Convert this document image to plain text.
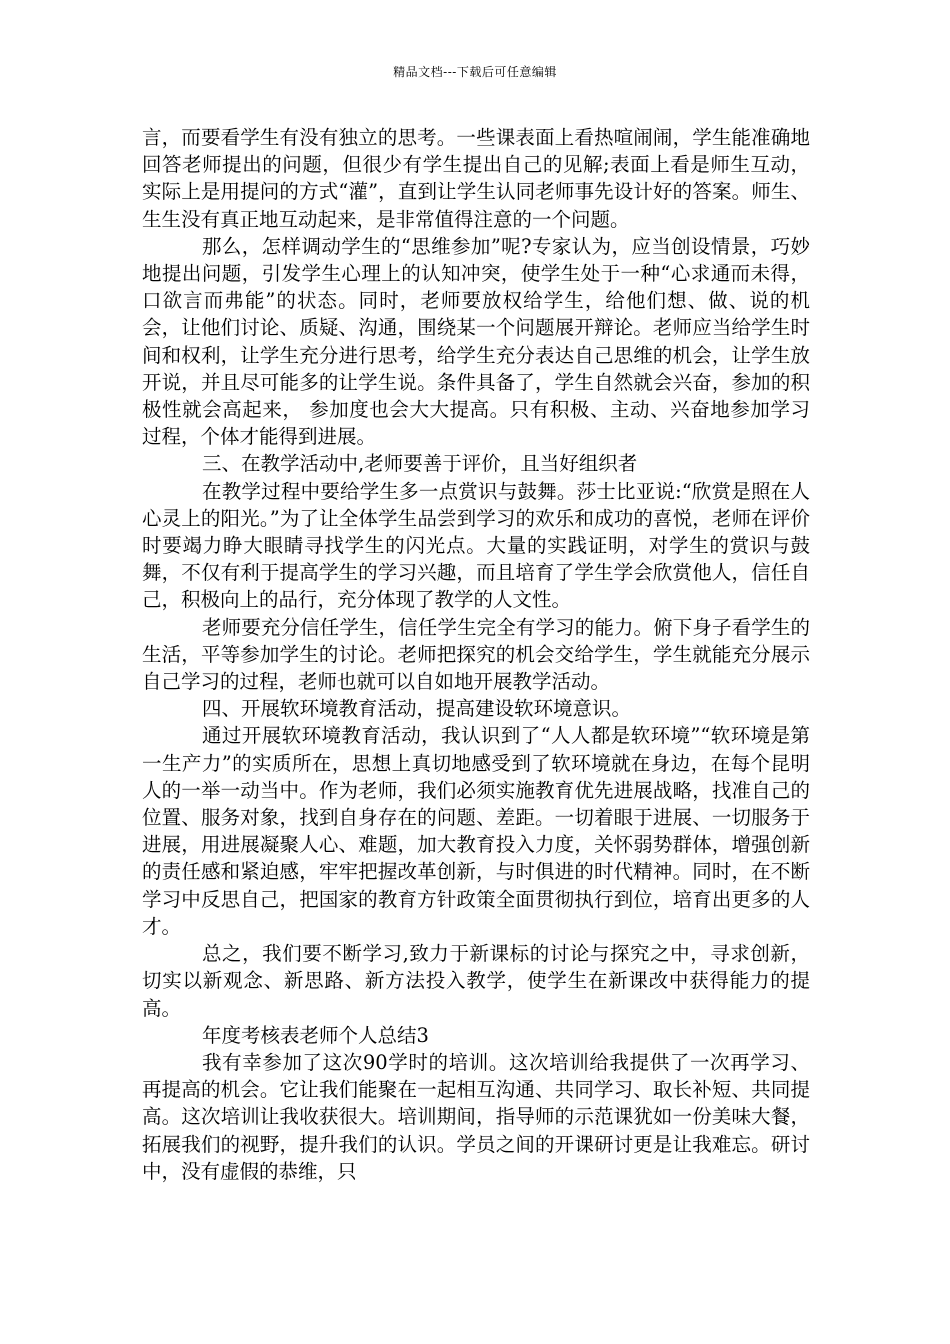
精品文档---下载后可任意编辑

言，而要看学生有没有独立的思考。一些课表面上看热喧闹闹，学生能准确地回答老师提出的问题，但很少有学生提出自己的见解;表面上看是师生互动，实际上是用提问的方式“灌”，直到让学生认同老师事先设计好的答案。师生、生生没有真正地互动起来，是非常值得注意的一个问题。

那么，怎样调动学生的“思维参加”呢?专家认为，应当创设情景，巧妙地提出问题，引发学生心理上的认知冲突，使学生处于一种“心求通而未得，口欲言而弗能”的状态。同时，老师要放权给学生，给他们想、做、说的机会，让他们讨论、质疑、沟通，围绕某一个问题展开辩论。老师应当给学生时间和权利，让学生充分进行思考，给学生充分表达自己思维的机会，让学生放开说，并且尽可能多的让学生说。条件具备了，学生自然就会兴奋，参加的积极性就会高起来， 参加度也会大大提高。只有积极、主动、兴奋地参加学习过程，个体才能得到进展。

三、在教学活动中,老师要善于评价，且当好组织者

在教学过程中要给学生多一点赏识与鼓舞。莎士比亚说:“欣赏是照在人心灵上的阳光。”为了让全体学生品尝到学习的欢乐和成功的喜悦，老师在评价时要竭力睁大眼睛寻找学生的闪光点。大量的实践证明，对学生的赏识与鼓舞，不仅有利于提高学生的学习兴趣，而且培育了学生学会欣赏他人，信任自己，积极向上的品行，充分体现了教学的人文性。

老师要充分信任学生，信任学生完全有学习的能力。俯下身子看学生的生活，平等参加学生的讨论。老师把探究的机会交给学生，学生就能充分展示自己学习的过程，老师也就可以自如地开展教学活动。

四、开展软环境教育活动，提高建设软环境意识。

通过开展软环境教育活动，我认识到了“人人都是软环境”“软环境是第一生产力”的实质所在，思想上真切地感受到了软环境就在身边，在每个昆明人的一举一动当中。作为老师，我们必须实施教育优先进展战略，找准自己的位置、服务对象，找到自身存在的问题、差距。一切着眼于进展、一切服务于进展，用进展凝聚人心、难题，加大教育投入力度，关怀弱势群体，增强创新的责任感和紧迫感，牢牢把握改革创新，与时俱进的时代精神。同时，在不断学习中反思自己，把国家的教育方针政策全面贯彻执行到位，培育出更多的人才。

总之，我们要不断学习,致力于新课标的讨论与探究之中，寻求创新，切实以新观念、新思路、新方法投入教学，使学生在新课改中获得能力的提高。

年度考核表老师个人总结3

我有幸参加了这次90学时的培训。这次培训给我提供了一次再学习、再提高的机会。它让我们能聚在一起相互沟通、共同学习、取长补短、共同提高。这次培训让我收获很大。培训期间，指导师的示范课犹如一份美味大餐，拓展我们的视野，提升我们的认识。学员之间的开课研讨更是让我难忘。研讨中，没有虚假的恭维，只
